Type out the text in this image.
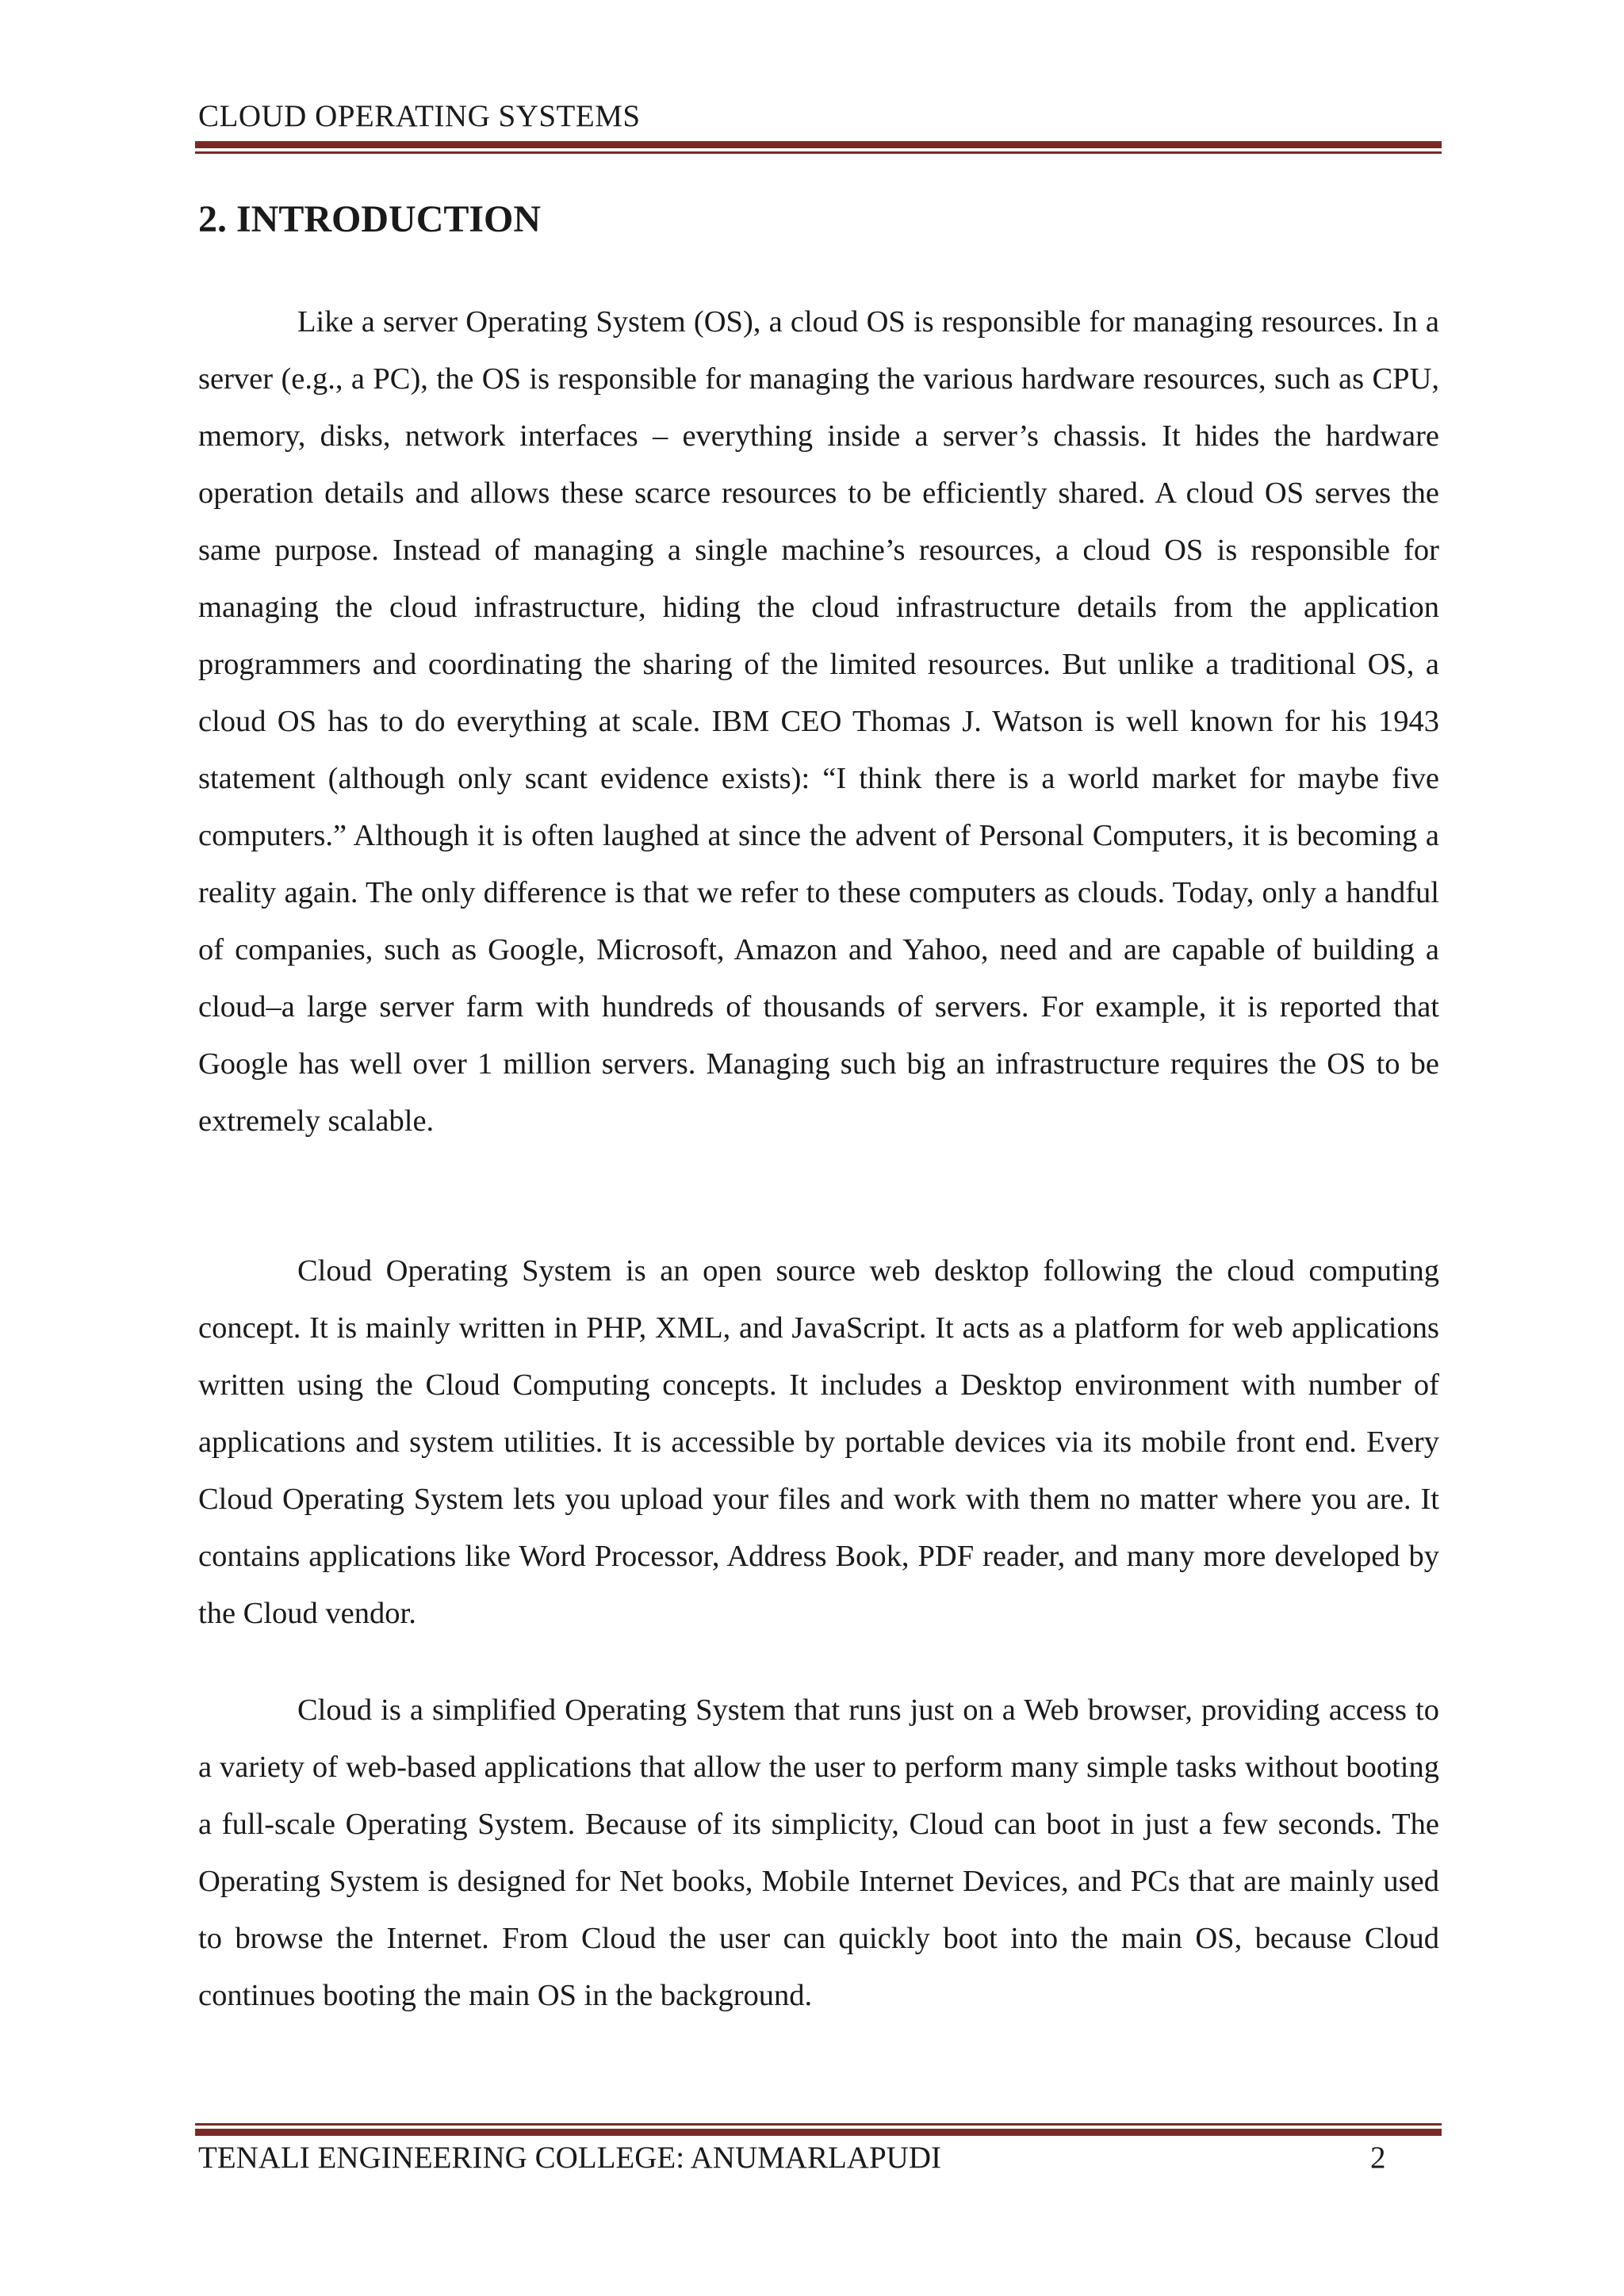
CLOUD OPERATING SYSTEMS
2. INTRODUCTION

Like a server Operating System (OS), a cloud OS is responsible for managing resources. In a server (e.g., a PC), the OS is responsible for managing the various hardware resources, such as CPU, memory, disks, network interfaces – everything inside a server’s chassis. It hides the hardware operation details and allows these scarce resources to be efficiently shared. A cloud OS serves the same purpose. Instead of managing a single machine’s resources, a cloud OS is responsible for managing the cloud infrastructure, hiding the cloud infrastructure details from the application programmers and coordinating the sharing of the limited resources. But unlike a traditional OS, a cloud OS has to do everything at scale. IBM CEO Thomas J. Watson is well known for his 1943 statement (although only scant evidence exists): “I think there is a world market for maybe five computers.” Although it is often laughed at since the advent of Personal Computers, it is becoming a reality again. The only difference is that we refer to these computers as clouds. Today, only a handful of companies, such as Google, Microsoft, Amazon and Yahoo, need and are capable of building a cloud–a large server farm with hundreds of thousands of servers. For example, it is reported that Google has well over 1 million servers. Managing such big an infrastructure requires the OS to be extremely scalable.

Cloud Operating System is an open source web desktop following the cloud computing concept. It is mainly written in PHP, XML, and JavaScript. It acts as a platform for web applications written using the Cloud Computing concepts. It includes a Desktop environment with number of applications and system utilities. It is accessible by portable devices via its mobile front end. Every Cloud Operating System lets you upload your files and work with them no matter where you are. It contains applications like Word Processor, Address Book, PDF reader, and many more developed by the Cloud vendor.

Cloud is a simplified Operating System that runs just on a Web browser, providing access to a variety of web-based applications that allow the user to perform many simple tasks without booting a full-scale Operating System. Because of its simplicity, Cloud can boot in just a few seconds. The Operating System is designed for Net books, Mobile Internet Devices, and PCs that are mainly used to browse the Internet. From Cloud the user can quickly boot into the main OS, because Cloud continues booting the main OS in the background.

TENALI ENGINEERING COLLEGE: ANUMARLAPUDI	2
